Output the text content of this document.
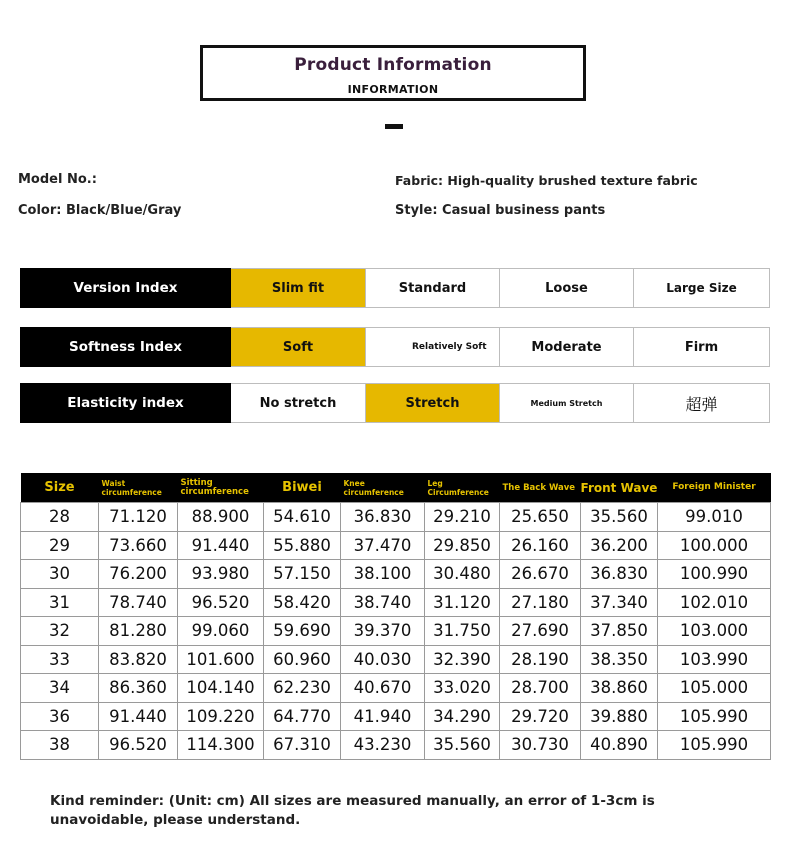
Product Information
INFORMATION
Model No.:
Color: Black/Blue/Gray
Fabric: High-quality brushed texture fabric
Style: Casual business pants
Version Index	Slim fit	Standard	Loose	Large Size
Softness Index	Soft	Relatively Soft	Moderate	Firm
Elasticity index	No stretch	Stretch	Medium Stretch	超弹
Size	Waist circumference	Sitting circumference	Biwei	Knee circumference	Leg Circumference	The Back Wave	Front Wave	Foreign Minister
28	71.120	88.900	54.610	36.830	29.210	25.650	35.560	99.010
29	73.660	91.440	55.880	37.470	29.850	26.160	36.200	100.000
30	76.200	93.980	57.150	38.100	30.480	26.670	36.830	100.990
31	78.740	96.520	58.420	38.740	31.120	27.180	37.340	102.010
32	81.280	99.060	59.690	39.370	31.750	27.690	37.850	103.000
33	83.820	101.600	60.960	40.030	32.390	28.190	38.350	103.990
34	86.360	104.140	62.230	40.670	33.020	28.700	38.860	105.000
36	91.440	109.220	64.770	41.940	34.290	29.720	39.880	105.990
38	96.520	114.300	67.310	43.230	35.560	30.730	40.890	105.990
Kind reminder: (Unit: cm) All sizes are measured manually, an error of 1-3cm is unavoidable, please understand.
